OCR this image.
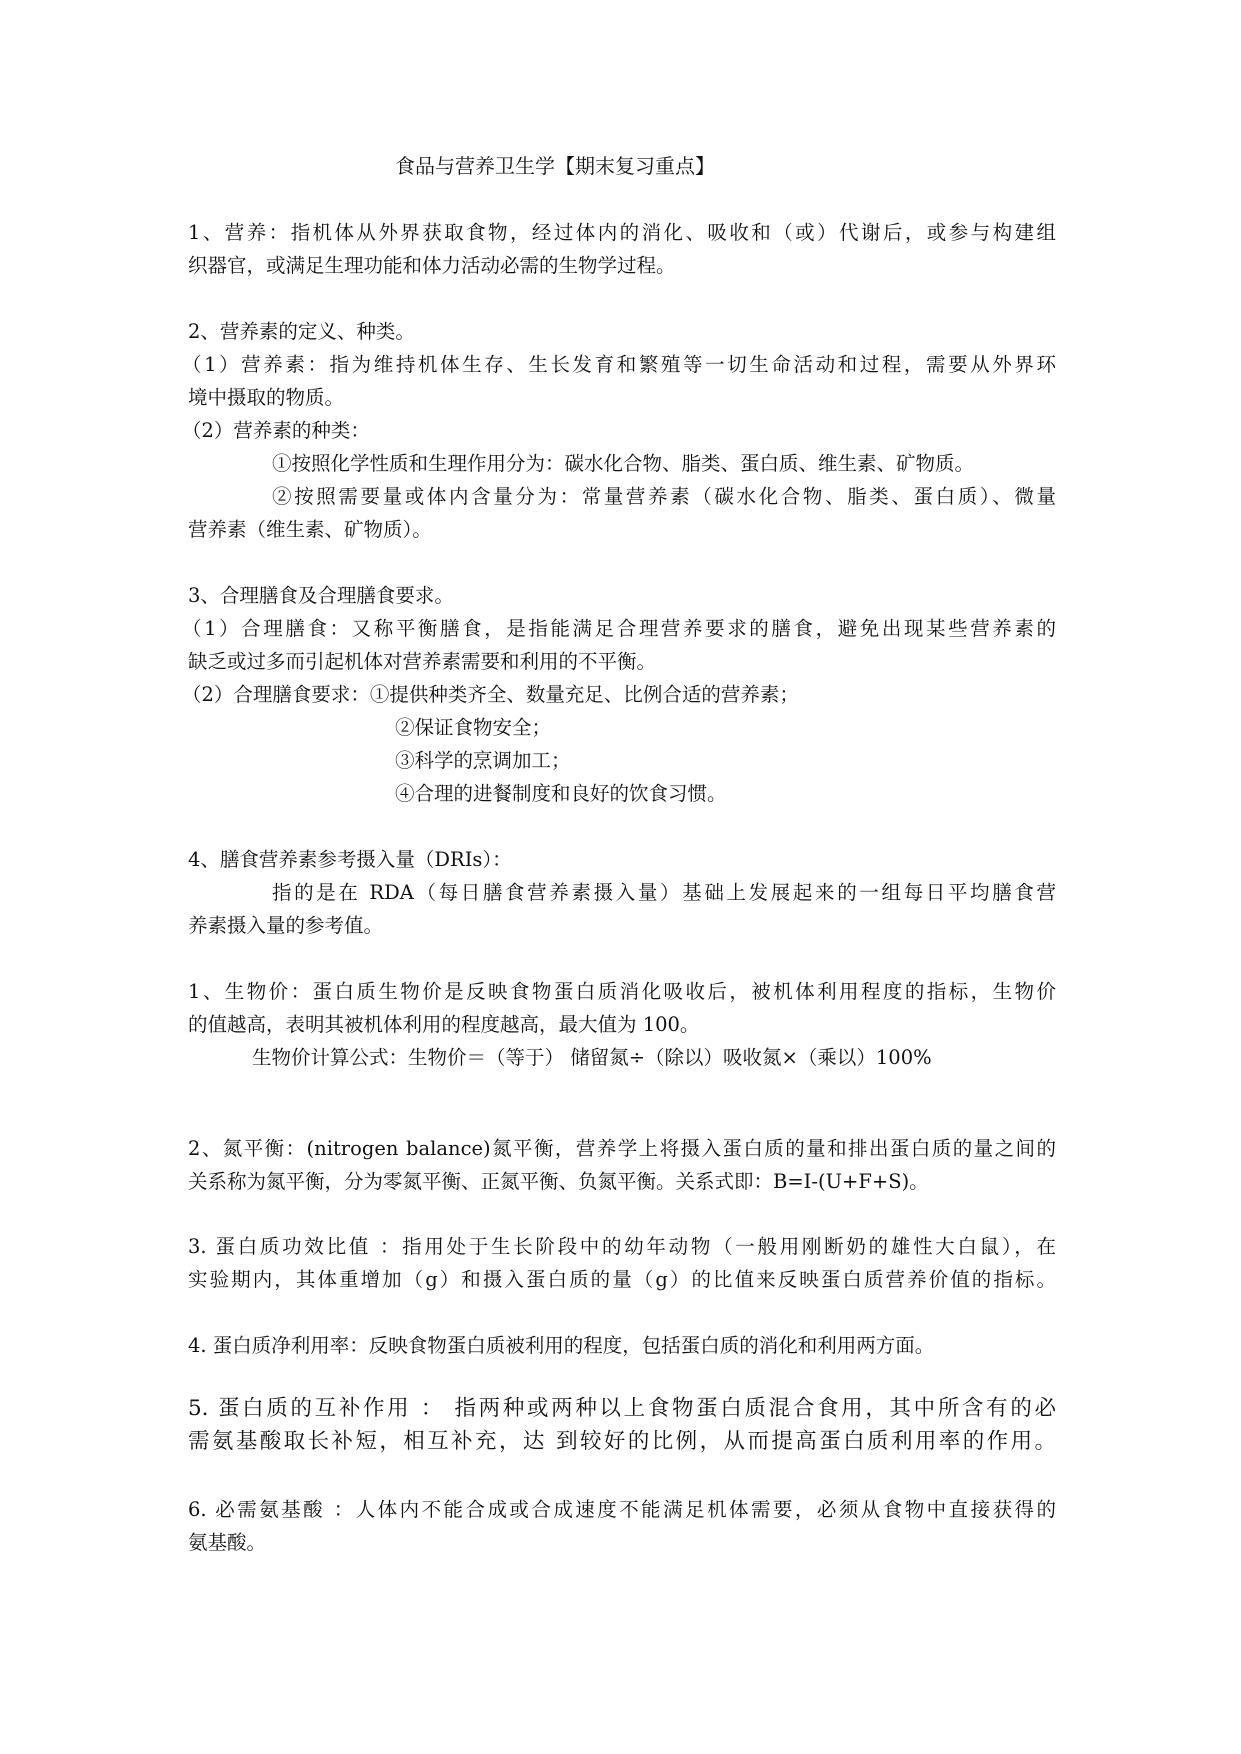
食品与营养卫生学【期末复习重点】

1、营养：指机体从外界获取食物，经过体内的消化、吸收和（或）代谢后，或参与构建组

织器官，或满足生理功能和体力活动必需的生物学过程。

2、营养素的定义、种类。

（1）营养素：指为维持机体生存、生长发育和繁殖等一切生命活动和过程，需要从外界环

境中摄取的物质。

（2）营养素的种类：

①按照化学性质和生理作用分为：碳水化合物、脂类、蛋白质、维生素、矿物质。

②按照需要量或体内含量分为：常量营养素（碳水化合物、脂类、蛋白质）、微量

营养素（维生素、矿物质）。

3、合理膳食及合理膳食要求。

（1）合理膳食：又称平衡膳食，是指能满足合理营养要求的膳食，避免出现某些营养素的

缺乏或过多而引起机体对营养素需要和利用的不平衡。

（2）合理膳食要求：①提供种类齐全、数量充足、比例合适的营养素；

②保证食物安全；

③科学的烹调加工；

④合理的进餐制度和良好的饮食习惯。

4、膳食营养素参考摄入量（DRIs）：

指的是在 RDA（每日膳食营养素摄入量）基础上发展起来的一组每日平均膳食营

养素摄入量的参考值。

1、生物价：蛋白质生物价是反映食物蛋白质消化吸收后，被机体利用程度的指标，生物价

的值越高，表明其被机体利用的程度越高，最大值为 100。

生物价计算公式：生物价＝（等于） 储留氮÷（除以）吸收氮×（乘以）100%

2、氮平衡：(nitrogen balance)氮平衡，营养学上将摄入蛋白质的量和排出蛋白质的量之间的

关系称为氮平衡，分为零氮平衡、正氮平衡、负氮平衡。关系式即：B=I-(U+F+S)。

3. 蛋白质功效比值 ：指用处于生长阶段中的幼年动物（一般用刚断奶的雄性大白鼠），在

实验期内，其体重增加（g）和摄入蛋白质的量（g）的比值来反映蛋白质营养价值的指标。

4. 蛋白质净利用率：反映食物蛋白质被利用的程度，包括蛋白质的消化和利用两方面。

5. 蛋白质的互补作用 ： 指两种或两种以上食物蛋白质混合食用，其中所含有的必

需氨基酸取长补短，相互补充，达 到较好的比例，从而提高蛋白质利用率的作用。

6. 必需氨基酸 ：人体内不能合成或合成速度不能满足机体需要，必须从食物中直接获得的

氨基酸。
